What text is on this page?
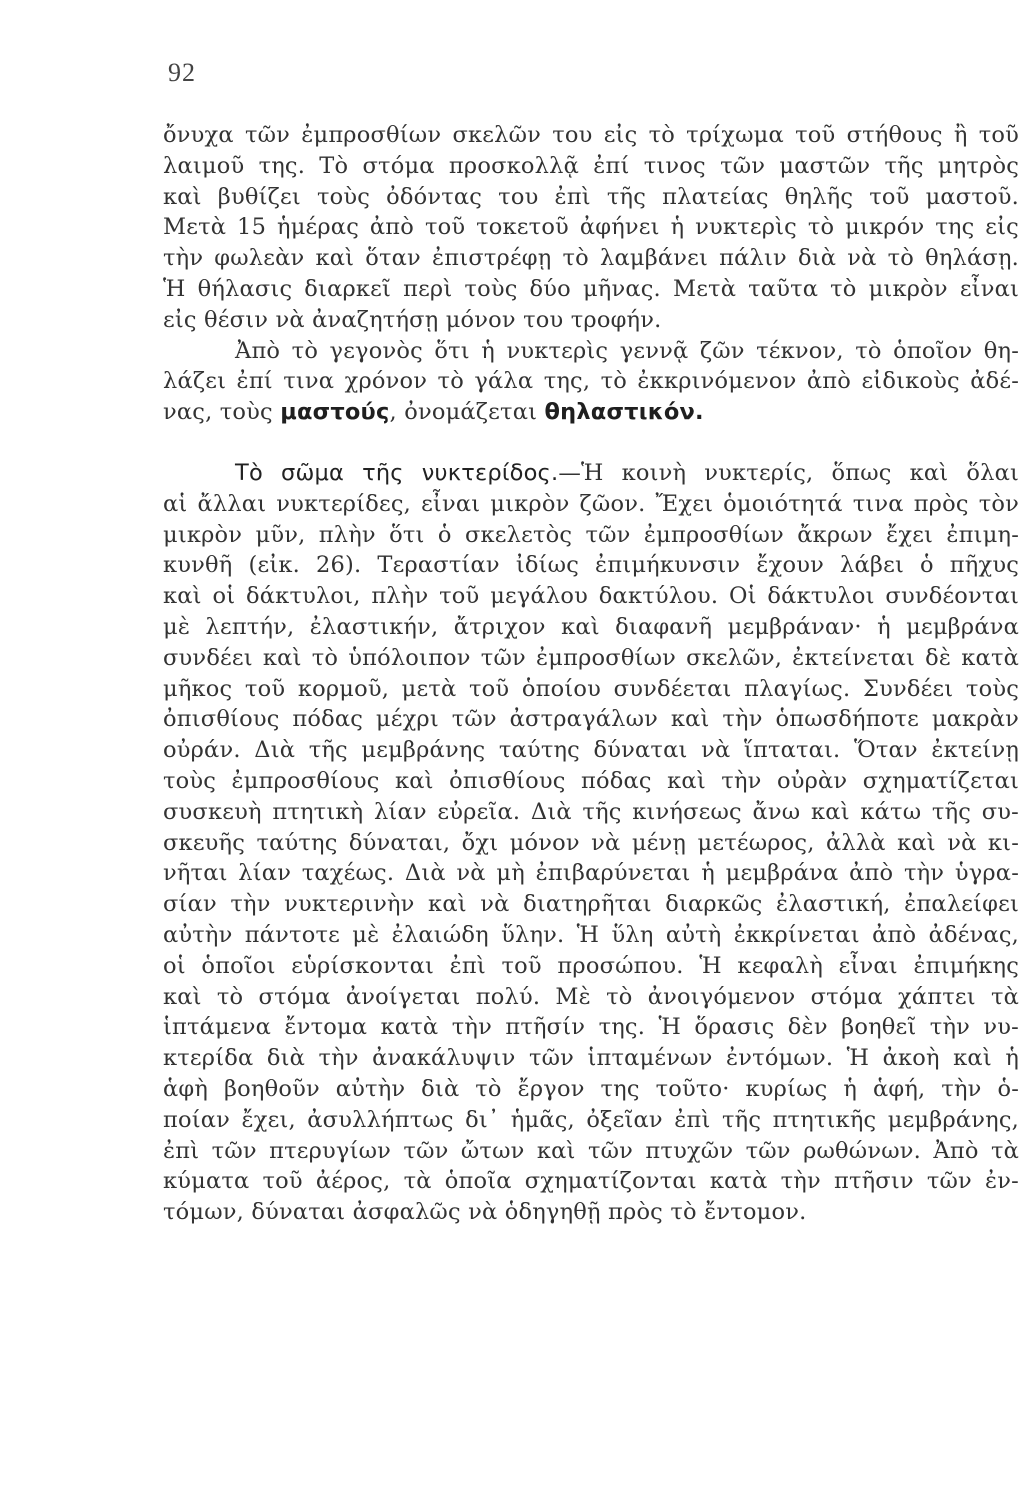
92
ὄνυχα τῶν ἐμπροσθίων σκελῶν του εἰς τὸ τρίχωμα τοῦ στήθους ἢ τοῦ
λαιμοῦ της. Τὸ στόμα προσκολλᾷ ἐπί τινος τῶν μαστῶν τῆς μητρὸς
καὶ βυθίζει τοὺς ὀδόντας του ἐπὶ τῆς πλατείας θηλῆς τοῦ μαστοῦ.
Μετὰ 15 ἡμέρας ἀπὸ τοῦ τοκετοῦ ἀφήνει ἡ νυκτερὶς τὸ μικρόν της εἰς
τὴν φωλεὰν καὶ ὅταν ἐπιστρέφῃ τὸ λαμβάνει πάλιν διὰ νὰ τὸ θηλάσῃ.
Ἡ θήλασις διαρκεῖ περὶ τοὺς δύο μῆνας. Μετὰ ταῦτα τὸ μικρὸν εἶναι
εἰς θέσιν νὰ ἀναζητήσῃ μόνον του τροφήν.
Ἀπὸ τὸ γεγονὸς ὅτι ἡ νυκτερὶς γεννᾷ ζῶν τέκνον, τὸ ὁποῖον θη-
λάζει ἐπί τινα χρόνον τὸ γάλα της, τὸ ἐκκρινόμενον ἀπὸ εἰδικοὺς ἀδέ-
νας, τοὺς μαστούς, ὀνομάζεται θηλαστικόν.
Τὸ σῶμα τῆς νυκτερίδος.—Ἡ κοινὴ νυκτερίς, ὅπως καὶ ὅλαι
αἱ ἄλλαι νυκτερίδες, εἶναι μικρὸν ζῶον. Ἔχει ὁμοιότητά τινα πρὸς τὸν
μικρὸν μῦν, πλὴν ὅτι ὁ σκελετὸς τῶν ἐμπροσθίων ἄκρων ἔχει ἐπιμη-
κυνθῆ (εἰκ. 26). Τεραστίαν ἰδίως ἐπιμήκυνσιν ἔχουν λάβει ὁ πῆχυς
καὶ οἱ δάκτυλοι, πλὴν τοῦ μεγάλου δακτύλου. Οἱ δάκτυλοι συνδέονται
μὲ λεπτήν, ἐλαστικήν, ἄτριχον καὶ διαφανῆ μεμβράναν· ἡ μεμβράνα
συνδέει καὶ τὸ ὑπόλοιπον τῶν ἐμπροσθίων σκελῶν, ἐκτείνεται δὲ κατὰ
μῆκος τοῦ κορμοῦ, μετὰ τοῦ ὁποίου συνδέεται πλαγίως. Συνδέει τοὺς
ὀπισθίους πόδας μέχρι τῶν ἀστραγάλων καὶ τὴν ὁπωσδήποτε μακρὰν
οὐράν. Διὰ τῆς μεμβράνης ταύτης δύναται νὰ ἵπταται. Ὅταν ἐκτείνῃ
τοὺς ἐμπροσθίους καὶ ὀπισθίους πόδας καὶ τὴν οὐρὰν σχηματίζεται
συσκευὴ πτητικὴ λίαν εὐρεῖα. Διὰ τῆς κινήσεως ἄνω καὶ κάτω τῆς συ-
σκευῆς ταύτης δύναται, ὄχι μόνον νὰ μένῃ μετέωρος, ἀλλὰ καὶ νὰ κι-
νῆται λίαν ταχέως. Διὰ νὰ μὴ ἐπιβαρύνεται ἡ μεμβράνα ἀπὸ τὴν ὑγρα-
σίαν τὴν νυκτερινὴν καὶ νὰ διατηρῆται διαρκῶς ἐλαστική, ἐπαλείφει
αὐτὴν πάντοτε μὲ ἐλαιώδη ὕλην. Ἡ ὕλη αὐτὴ ἐκκρίνεται ἀπὸ ἀδένας,
οἱ ὁποῖοι εὑρίσκονται ἐπὶ τοῦ προσώπου. Ἡ κεφαλὴ εἶναι ἐπιμήκης
καὶ τὸ στόμα ἀνοίγεται πολύ. Μὲ τὸ ἀνοιγόμενον στόμα χάπτει τὰ
ἱπτάμενα ἔντομα κατὰ τὴν πτῆσίν της. Ἡ ὅρασις δὲν βοηθεῖ τὴν νυ-
κτερίδα διὰ τὴν ἀνακάλυψιν τῶν ἱπταμένων ἐντόμων. Ἡ ἀκοὴ καὶ ἡ
ἁφὴ βοηθοῦν αὐτὴν διὰ τὸ ἔργον της τοῦτο· κυρίως ἡ ἁφή, τὴν ὁ-
ποίαν ἔχει, ἀσυλλήπτως δι᾿ ἡμᾶς, ὀξεῖαν ἐπὶ τῆς πτητικῆς μεμβράνης,
ἐπὶ τῶν πτερυγίων τῶν ὤτων καὶ τῶν πτυχῶν τῶν ρωθώνων. Ἀπὸ τὰ
κύματα τοῦ ἀέρος, τὰ ὁποῖα σχηματίζονται κατὰ τὴν πτῆσιν τῶν ἐν-
τόμων, δύναται ἀσφαλῶς νὰ ὁδηγηθῇ πρὸς τὸ ἔντομον.
